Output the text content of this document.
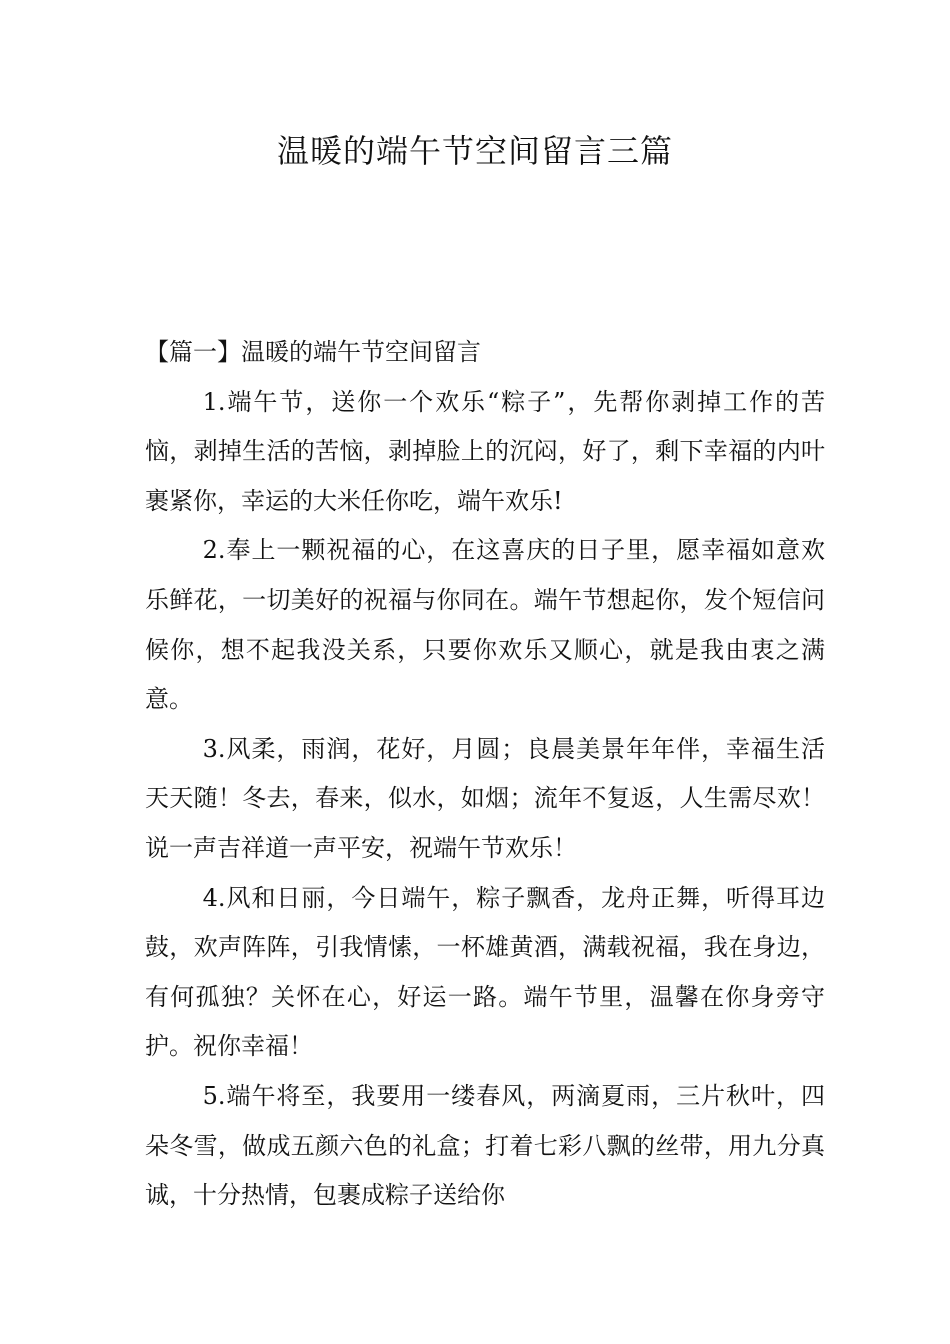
温暖的端午节空间留言三篇

【篇一】温暖的端午节空间留言

1.端午节，送你一个欢乐“粽子”，先帮你剥掉工作的苦恼，剥掉生活的苦恼，剥掉脸上的沉闷，好了，剩下幸福的内叶裹紧你，幸运的大米任你吃，端午欢乐!

2.奉上一颗祝福的心，在这喜庆的日子里，愿幸福如意欢乐鲜花，一切美好的祝福与你同在。端午节想起你，发个短信问候你，想不起我没关系，只要你欢乐又顺心，就是我由衷之满意。

3.风柔，雨润，花好，月圆；良晨美景年年伴，幸福生活天天随！冬去，春来，似水，如烟；流年不复返，人生需尽欢！说一声吉祥道一声平安，祝端午节欢乐！

4.风和日丽，今日端午，粽子飘香，龙舟正舞，听得耳边鼓，欢声阵阵，引我情愫，一杯雄黄酒，满载祝福，我在身边，有何孤独？关怀在心，好运一路。端午节里，温馨在你身旁守护。祝你幸福！

5.端午将至，我要用一缕春风，两滴夏雨，三片秋叶，四朵冬雪，做成五颜六色的礼盒；打着七彩八飘的丝带，用九分真诚，十分热情，包裹成粽子送给你
